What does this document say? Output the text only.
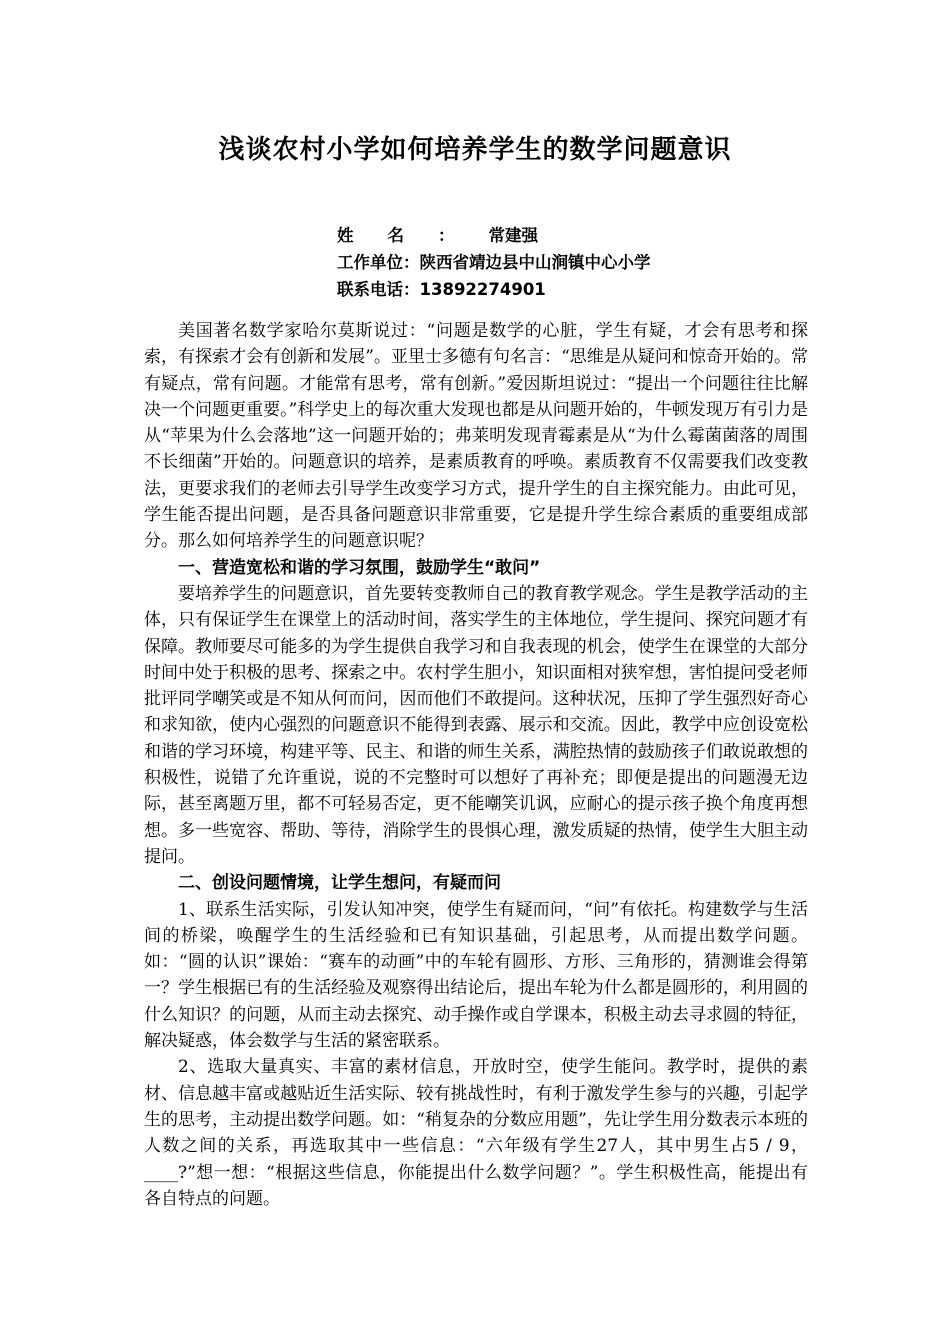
浅谈农村小学如何培养学生的数学问题意识
姓名： 常建强
工作单位： 陕西省靖边县中山涧镇中心小学
联系电话： 13892274901

美国著名数学家哈尔莫斯说过：“问题是数学的心脏，学生有疑，才会有思考和探索，有探索才会有创新和发展”。亚里士多德有句名言：“思维是从疑问和惊奇开始的。常有疑点，常有问题。才能常有思考，常有创新。”爱因斯坦说过：“提出一个问题往往比解决一个问题更重要。”科学史上的每次重大发现也都是从问题开始的，牛顿发现万有引力是从“苹果为什么会落地”这一问题开始的；弗莱明发现青霉素是从“为什么霉菌菌落的周围不长细菌”开始的。问题意识的培养，是素质教育的呼唤。素质教育不仅需要我们改变教法，更要求我们的老师去引导学生改变学习方式，提升学生的自主探究能力。由此可见，学生能否提出问题，是否具备问题意识非常重要，它是提升学生综合素质的重要组成部分。那么如何培养学生的问题意识呢？

一、营造宽松和谐的学习氛围，鼓励学生“敢问”

要培养学生的问题意识，首先要转变教师自己的教育教学观念。学生是教学活动的主体，只有保证学生在课堂上的活动时间，落实学生的主体地位，学生提问、探究问题才有保障。教师要尽可能多的为学生提供自我学习和自我表现的机会，使学生在课堂的大部分时间中处于积极的思考、探索之中。农村学生胆小，知识面相对狭窄想，害怕提问受老师批评同学嘲笑或是不知从何而问，因而他们不敢提问。这种状况，压抑了学生强烈好奇心和求知欲，使内心强烈的问题意识不能得到表露、展示和交流。因此，教学中应创设宽松和谐的学习环境，构建平等、民主、和谐的师生关系，满腔热情的鼓励孩子们敢说敢想的积极性，说错了允许重说，说的不完整时可以想好了再补充；即便是提出的问题漫无边际，甚至离题万里，都不可轻易否定，更不能嘲笑讥讽，应耐心的提示孩子换个角度再想想。多一些宽容、帮助、等待，消除学生的畏惧心理，激发质疑的热情，使学生大胆主动提问。

二、创设问题情境，让学生想问，有疑而问

1、联系生活实际，引发认知冲突，使学生有疑而问，“问”有依托。构建数学与生活间的桥梁，唤醒学生的生活经验和已有知识基础，引起思考，从而提出数学问题。如：“圆的认识”课始：“赛车的动画”中的车轮有圆形、方形、三角形的，猜测谁会得第一？学生根据已有的生活经验及观察得出结论后，提出车轮为什么都是圆形的，利用圆的什么知识？的问题，从而主动去探究、动手操作或自学课本，积极主动去寻求圆的特征，解决疑惑，体会数学与生活的紧密联系。

2、选取大量真实、丰富的素材信息，开放时空，使学生能问。教学时，提供的素材、信息越丰富或越贴近生活实际、较有挑战性时，有利于激发学生参与的兴趣，引起学生的思考，主动提出数学问题。如：“稍复杂的分数应用题”，先让学生用分数表示本班的人数之间的关系，再选取其中一些信息：“六年级有学生27人，其中男生占5 / 9，____?”想一想：“根据这些信息，你能提出什么数学问题？”。学生积极性高，能提出有各自特点的问题。
